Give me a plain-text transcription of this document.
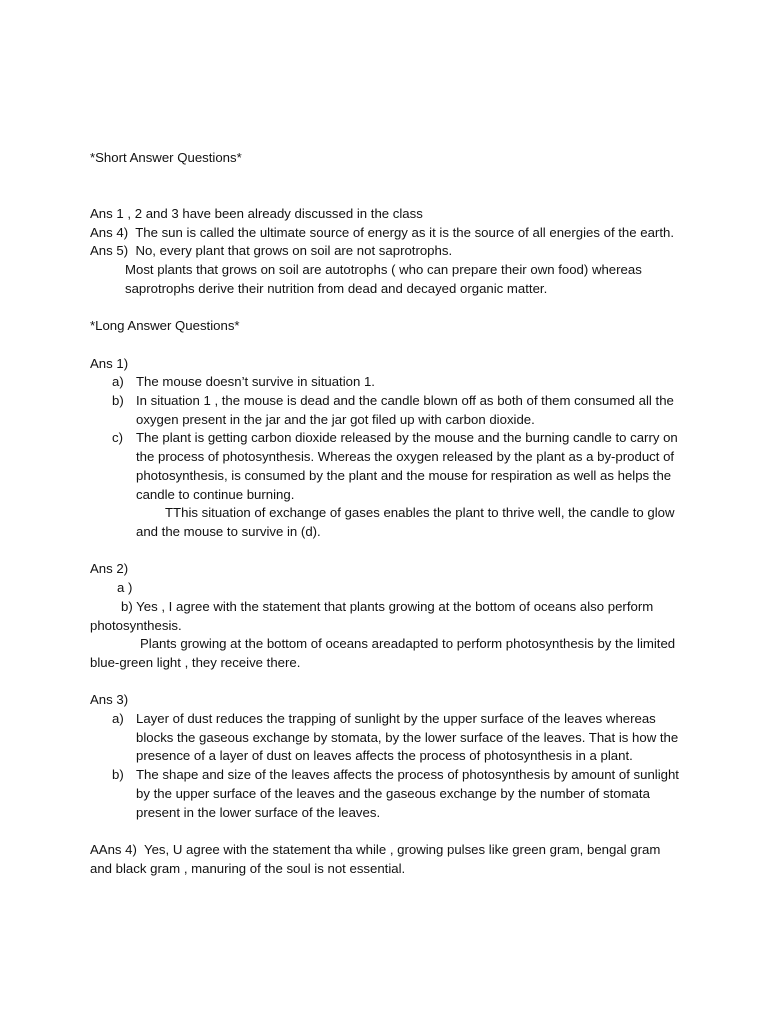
*Short Answer Questions*

Ans 1 , 2 and 3 have been already discussed in the class

Ans 4)  The sun is called the ultimate source of energy as it is the source of all energies of the earth.

Ans 5)  No, every plant that grows on soil are not saprotrophs.

Most plants that grows on soil are autotrophs ( who can prepare their own food) whereas saprotrophs derive their nutrition from dead and decayed organic matter.

*Long Answer Questions*

Ans 1)

a) The mouse doesn’t survive in situation 1.
b) In situation 1 , the mouse is dead and the candle blown off as both of them consumed all the oxygen present in the jar and the jar got filed up with carbon dioxide.
c) The plant is getting carbon dioxide released by the mouse and the burning candle to carry on the process of photosynthesis. Whereas the oxygen released by the plant as a by-product of photosynthesis, is consumed by the plant and the mouse for respiration as well as helps the candle to continue burning.

TThis situation of exchange of gases enables the plant to thrive well, the candle to glow and the mouse to survive in (d).

Ans 2)

a )

b) Yes , I agree with the statement that plants growing at the bottom of oceans also perform photosynthesis.

Plants growing at the bottom of oceans areadapted to perform photosynthesis by the limited blue-green light , they receive there.

Ans 3)

a) Layer of dust reduces the trapping of sunlight by the upper surface of the leaves whereas blocks the gaseous exchange by stomata, by the lower surface of the leaves. That is how the presence of a layer of dust on leaves affects the process of photosynthesis in a plant.
b) The shape and size of the leaves affects the process of photosynthesis by amount of sunlight by the upper surface of the leaves and the gaseous exchange by the number of stomata present in the lower surface of the leaves.

AAns 4)  Yes, U agree with the statement tha while , growing pulses like green gram, bengal gram and black gram , manuring of the soul is not essential.
